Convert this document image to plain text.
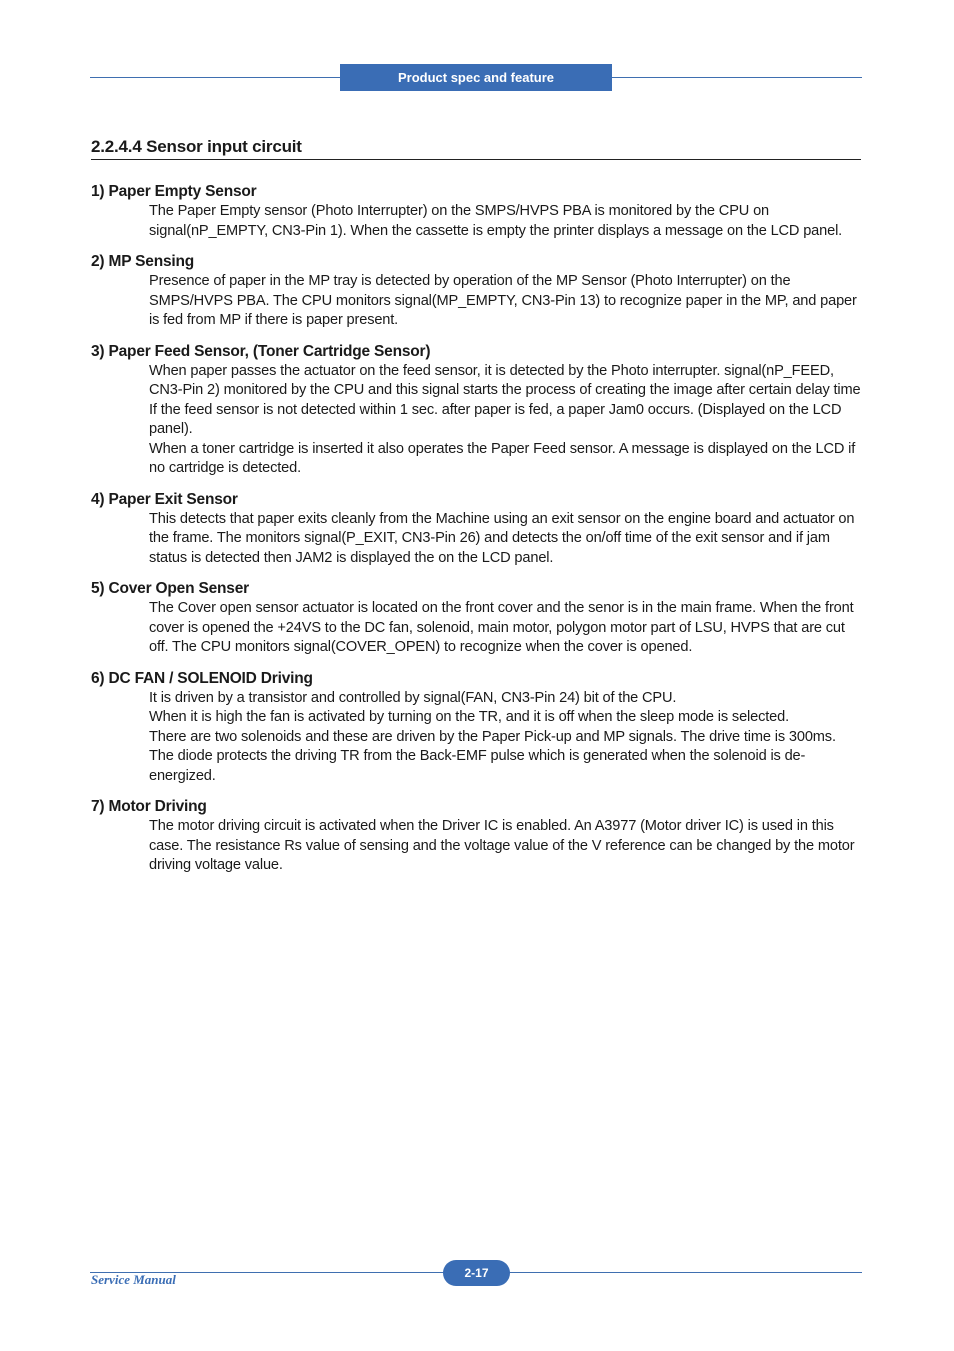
Product spec and feature
2.2.4.4 Sensor input circuit
1) Paper Empty Sensor
The Paper Empty sensor (Photo Interrupter) on the SMPS/HVPS PBA is monitored by the CPU on signal(nP_EMPTY, CN3-Pin 1). When the cassette is empty the printer displays a message on the LCD panel.
2) MP Sensing
Presence of paper in the MP tray is detected by operation of the MP Sensor (Photo Interrupter) on the SMPS/HVPS PBA. The CPU monitors signal(MP_EMPTY, CN3-Pin 13) to recognize paper in the MP, and paper is fed from MP if there is paper present.
3) Paper Feed Sensor, (Toner Cartridge Sensor)
When paper passes the actuator on the feed sensor, it is detected by the Photo interrupter. signal(nP_FEED, CN3-Pin 2) monitored by the CPU and this signal starts the process of creating the image after certain delay time If the feed sensor is not detected within 1 sec. after paper is fed, a paper Jam0 occurs. (Displayed on the LCD panel).
When a toner cartridge is inserted it also operates the Paper Feed sensor. A message is displayed on the LCD if no cartridge is detected.
4) Paper Exit Sensor
This detects that paper exits cleanly from the Machine using an exit sensor on the engine board and actuator on the frame. The monitors signal(P_EXIT, CN3-Pin 26) and detects the on/off time of the exit sensor and if jam status is detected then JAM2 is displayed the on the LCD panel.
5) Cover Open Senser
The Cover open sensor actuator is located on the front cover and the senor is in the main frame. When the front cover is opened the +24VS to the DC fan, solenoid, main motor, polygon motor part of LSU, HVPS that are cut off. The CPU monitors signal(COVER_OPEN) to recognize when the cover is opened.
6) DC FAN / SOLENOID Driving
It is driven by a transistor and controlled by signal(FAN, CN3-Pin 24) bit of the CPU.
When it is high the fan is activated by turning on the TR, and it is off when the sleep mode is selected.
There are two solenoids and these are driven by the Paper Pick-up and MP signals. The drive time is 300ms. The diode protects the driving TR from the Back-EMF pulse which is generated when the solenoid is de-energized.
7) Motor Driving
The motor driving circuit is activated when the Driver IC is enabled. An A3977 (Motor driver IC) is used in this case. The resistance Rs value of sensing and the voltage value of the V reference can be changed by the motor driving voltage value.
Service Manual	2-17
